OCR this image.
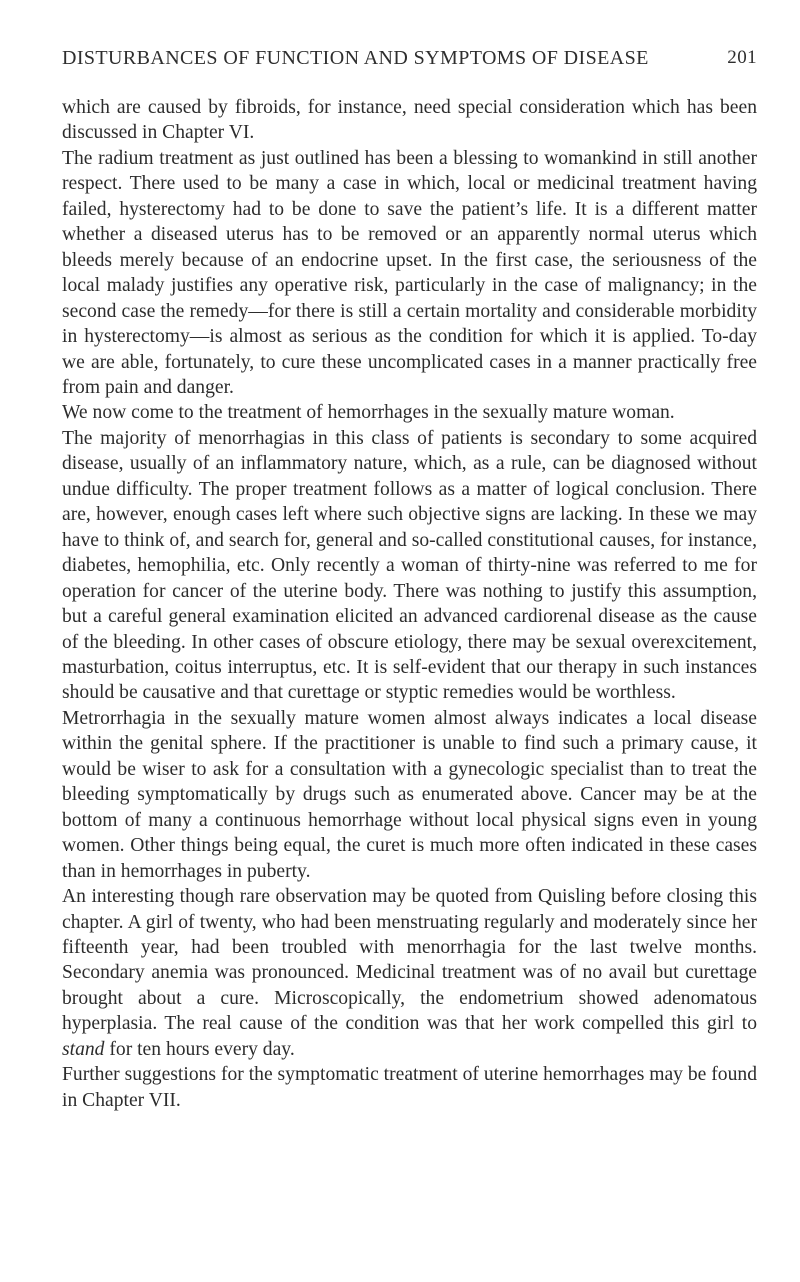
DISTURBANCES OF FUNCTION AND SYMPTOMS OF DISEASE	201

which are caused by fibroids, for instance, need special consideration which has been discussed in Chapter VI.

The radium treatment as just outlined has been a blessing to womankind in still another respect. There used to be many a case in which, local or medicinal treatment having failed, hysterectomy had to be done to save the patient’s life. It is a different matter whether a diseased uterus has to be removed or an apparently normal uterus which bleeds merely because of an endocrine upset. In the first case, the seriousness of the local malady justifies any operative risk, particularly in the case of malignancy; in the second case the remedy—for there is still a certain mortality and considerable morbidity in hysterectomy—is almost as serious as the condition for which it is applied. To-day we are able, fortunately, to cure these uncomplicated cases in a manner practically free from pain and danger.

We now come to the treatment of hemorrhages in the sexually mature woman.

The majority of menorrhagias in this class of patients is secondary to some acquired disease, usually of an inflammatory nature, which, as a rule, can be diagnosed without undue difficulty. The proper treatment follows as a matter of logical conclusion. There are, however, enough cases left where such objective signs are lacking. In these we may have to think of, and search for, general and so-called constitutional causes, for instance, diabetes, hemophilia, etc. Only recently a woman of thirty-nine was referred to me for operation for cancer of the uterine body. There was nothing to justify this assumption, but a careful general examination elicited an advanced cardiorenal disease as the cause of the bleeding. In other cases of obscure etiology, there may be sexual overexcitement, masturbation, coitus interruptus, etc. It is self-evident that our therapy in such instances should be causative and that curettage or styptic remedies would be worthless.

Metrorrhagia in the sexually mature women almost always indicates a local disease within the genital sphere. If the practitioner is unable to find such a primary cause, it would be wiser to ask for a consultation with a gynecologic specialist than to treat the bleeding symptomatically by drugs such as enumerated above. Cancer may be at the bottom of many a continuous hemorrhage without local physical signs even in young women. Other things being equal, the curet is much more often indicated in these cases than in hemorrhages in puberty.

An interesting though rare observation may be quoted from Quisling before closing this chapter. A girl of twenty, who had been menstruating regularly and moderately since her fifteenth year, had been troubled with menorrhagia for the last twelve months. Secondary anemia was pronounced. Medicinal treatment was of no avail but curettage brought about a cure. Microscopically, the endometrium showed adenomatous hyperplasia. The real cause of the condition was that her work compelled this girl to stand for ten hours every day.

Further suggestions for the symptomatic treatment of uterine hemorrhages may be found in Chapter VII.
